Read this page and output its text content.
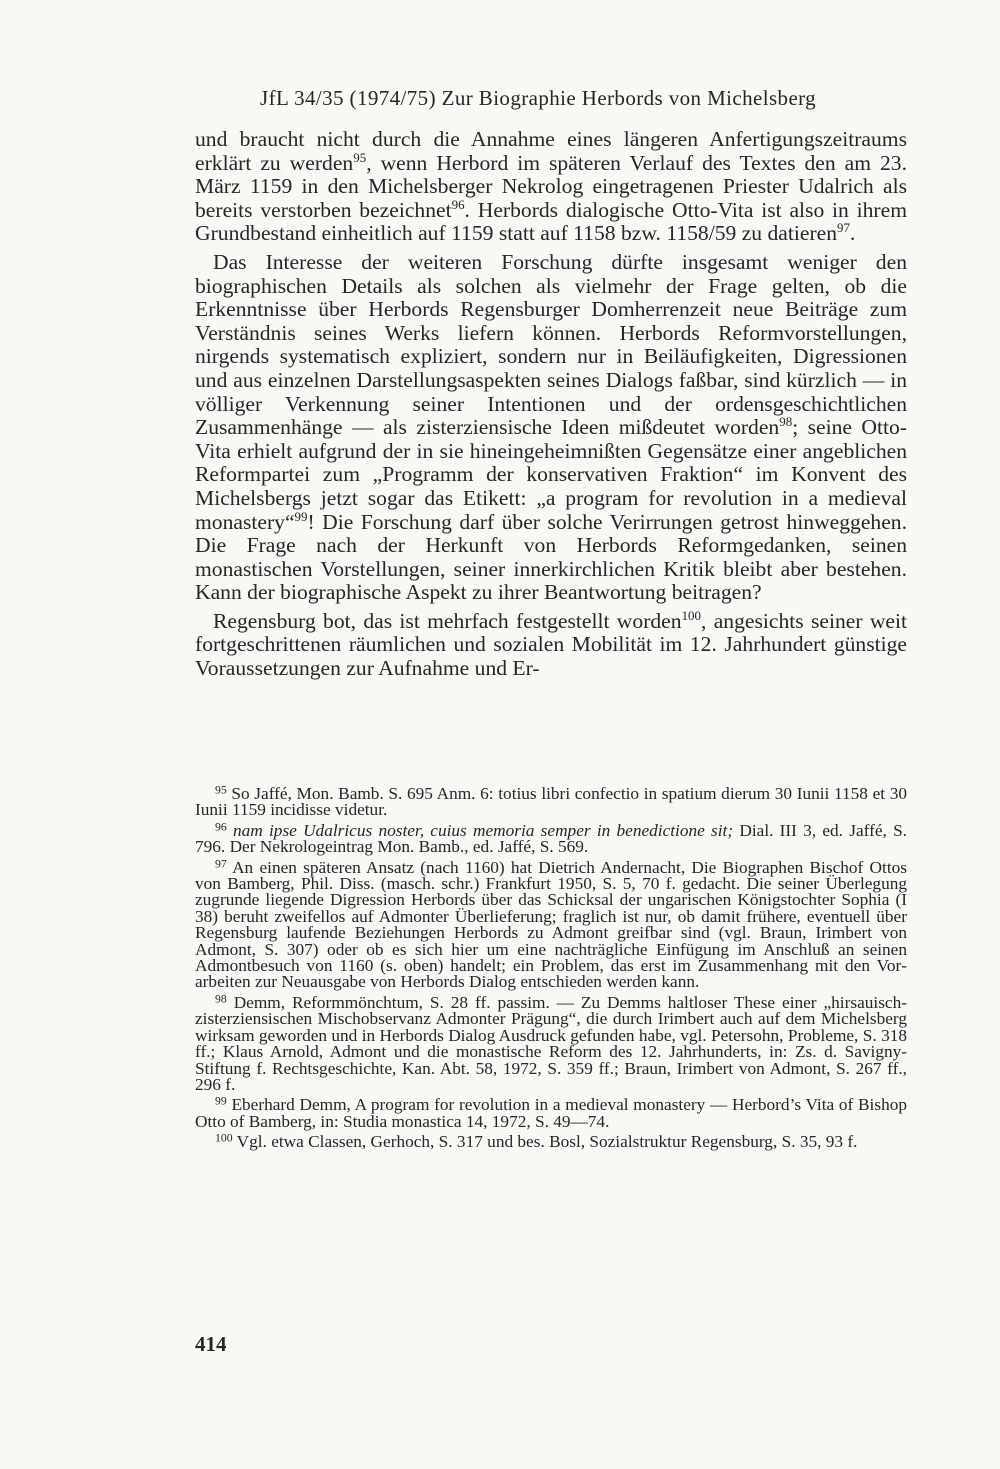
JfL 34/35 (1974/75) Zur Biographie Herbords von Michelsberg

und braucht nicht durch die Annahme eines längeren Anfertigungszeitraums erklärt zu werden$^{95}$, wenn Herbord im späteren Verlauf des Textes den am 23. März 1159 in den Michelsberger Nekrolog eingetragenen Priester Udalrich als bereits verstorben bezeichnet$^{96}$. Herbords dialogische Otto-Vita ist also in ihrem Grundbestand einheitlich auf 1159 statt auf 1158 bzw. 1158/59 zu datieren$^{97}$.

Das Interesse der weiteren Forschung dürfte insgesamt weniger den biographischen Details als solchen als vielmehr der Frage gelten, ob die Erkenntnisse über Herbords Regensburger Domherrenzeit neue Beiträge zum Verständnis seines Werks liefern können. Herbords Reformvorstellungen, nirgends systematisch expliziert, sondern nur in Beiläufigkeiten, Digressionen und aus einzelnen Darstellungsaspekten seines Dialogs faßbar, sind kürzlich — in völliger Verkennung seiner Intentionen und der ordensgeschichtlichen Zusammenhänge — als zisterziensische Ideen mißdeutet worden$^{98}$; seine Otto-Vita erhielt aufgrund der in sie hineingeheimnißten Gegensätze einer angeblichen Reformpartei zum „Programm der konservativen Fraktion“ im Konvent des Michelsbergs jetzt sogar das Etikett: „a program for revolution in a medieval monastery“$^{99}$! Die Forschung darf über solche Verirrungen getrost hinweggehen. Die Frage nach der Herkunft von Herbords Reformgedanken, seinen monastischen Vorstellungen, seiner innerkirchlichen Kritik bleibt aber bestehen. Kann der biographische Aspekt zu ihrer Beantwortung beitragen?

Regensburg bot, das ist mehrfach festgestellt worden$^{100}$, angesichts seiner weit fortgeschrittenen räumlichen und sozialen Mobilität im 12. Jahrhundert günstige Voraussetzungen zur Aufnahme und Er-

$^{95}$ So Jaffé, Mon. Bamb. S. 695 Anm. 6: totius libri confectio in spatium dierum 30 Iunii 1158 et 30 Iunii 1159 incidisse videtur.
$^{96}$ nam ipse Udalricus noster, cuius memoria semper in benedictione sit; Dial. III 3, ed. Jaffé, S. 796. Der Nekrologeintrag Mon. Bamb., ed. Jaffé, S. 569.
$^{97}$ An einen späteren Ansatz (nach 1160) hat Dietrich Andernacht, Die Biographen Bischof Ottos von Bamberg, Phil. Diss. (masch. schr.) Frankfurt 1950, S. 5, 70 f. gedacht. Die seiner Überlegung zugrunde liegende Digression Herbords über das Schicksal der ungarischen Königstochter Sophia (I 38) beruht zweifellos auf Admonter Überlieferung; fraglich ist nur, ob damit frühere, eventuell über Regensburg laufende Beziehungen Herbords zu Admont greifbar sind (vgl. Braun, Irimbert von Admont, S. 307) oder ob es sich hier um eine nachträgliche Einfügung im Anschluß an seinen Admontbesuch von 1160 (s. oben) handelt; ein Problem, das erst im Zusammenhang mit den Vorarbeiten zur Neuausgabe von Herbords Dialog entschieden werden kann.
$^{98}$ Demm, Reformmönchtum, S. 28 ff. passim. — Zu Demms haltloser These einer „hirsauisch-zisterziensischen Mischobservanz Admonter Prägung“, die durch Irimbert auch auf dem Michelsberg wirksam geworden und in Herbords Dialog Ausdruck gefunden habe, vgl. Petersohn, Probleme, S. 318 ff.; Klaus Arnold, Admont und die monastische Reform des 12. Jahrhunderts, in: Zs. d. Savigny-Stiftung f. Rechtsgeschichte, Kan. Abt. 58, 1972, S. 359 ff.; Braun, Irimbert von Admont, S. 267 ff., 296 f.
$^{99}$ Eberhard Demm, A program for revolution in a medieval monastery — Herbord’s Vita of Bishop Otto of Bamberg, in: Studia monastica 14, 1972, S. 49—74.
$^{100}$ Vgl. etwa Classen, Gerhoch, S. 317 und bes. Bosl, Sozialstruktur Regensburg, S. 35, 93 f.
414
